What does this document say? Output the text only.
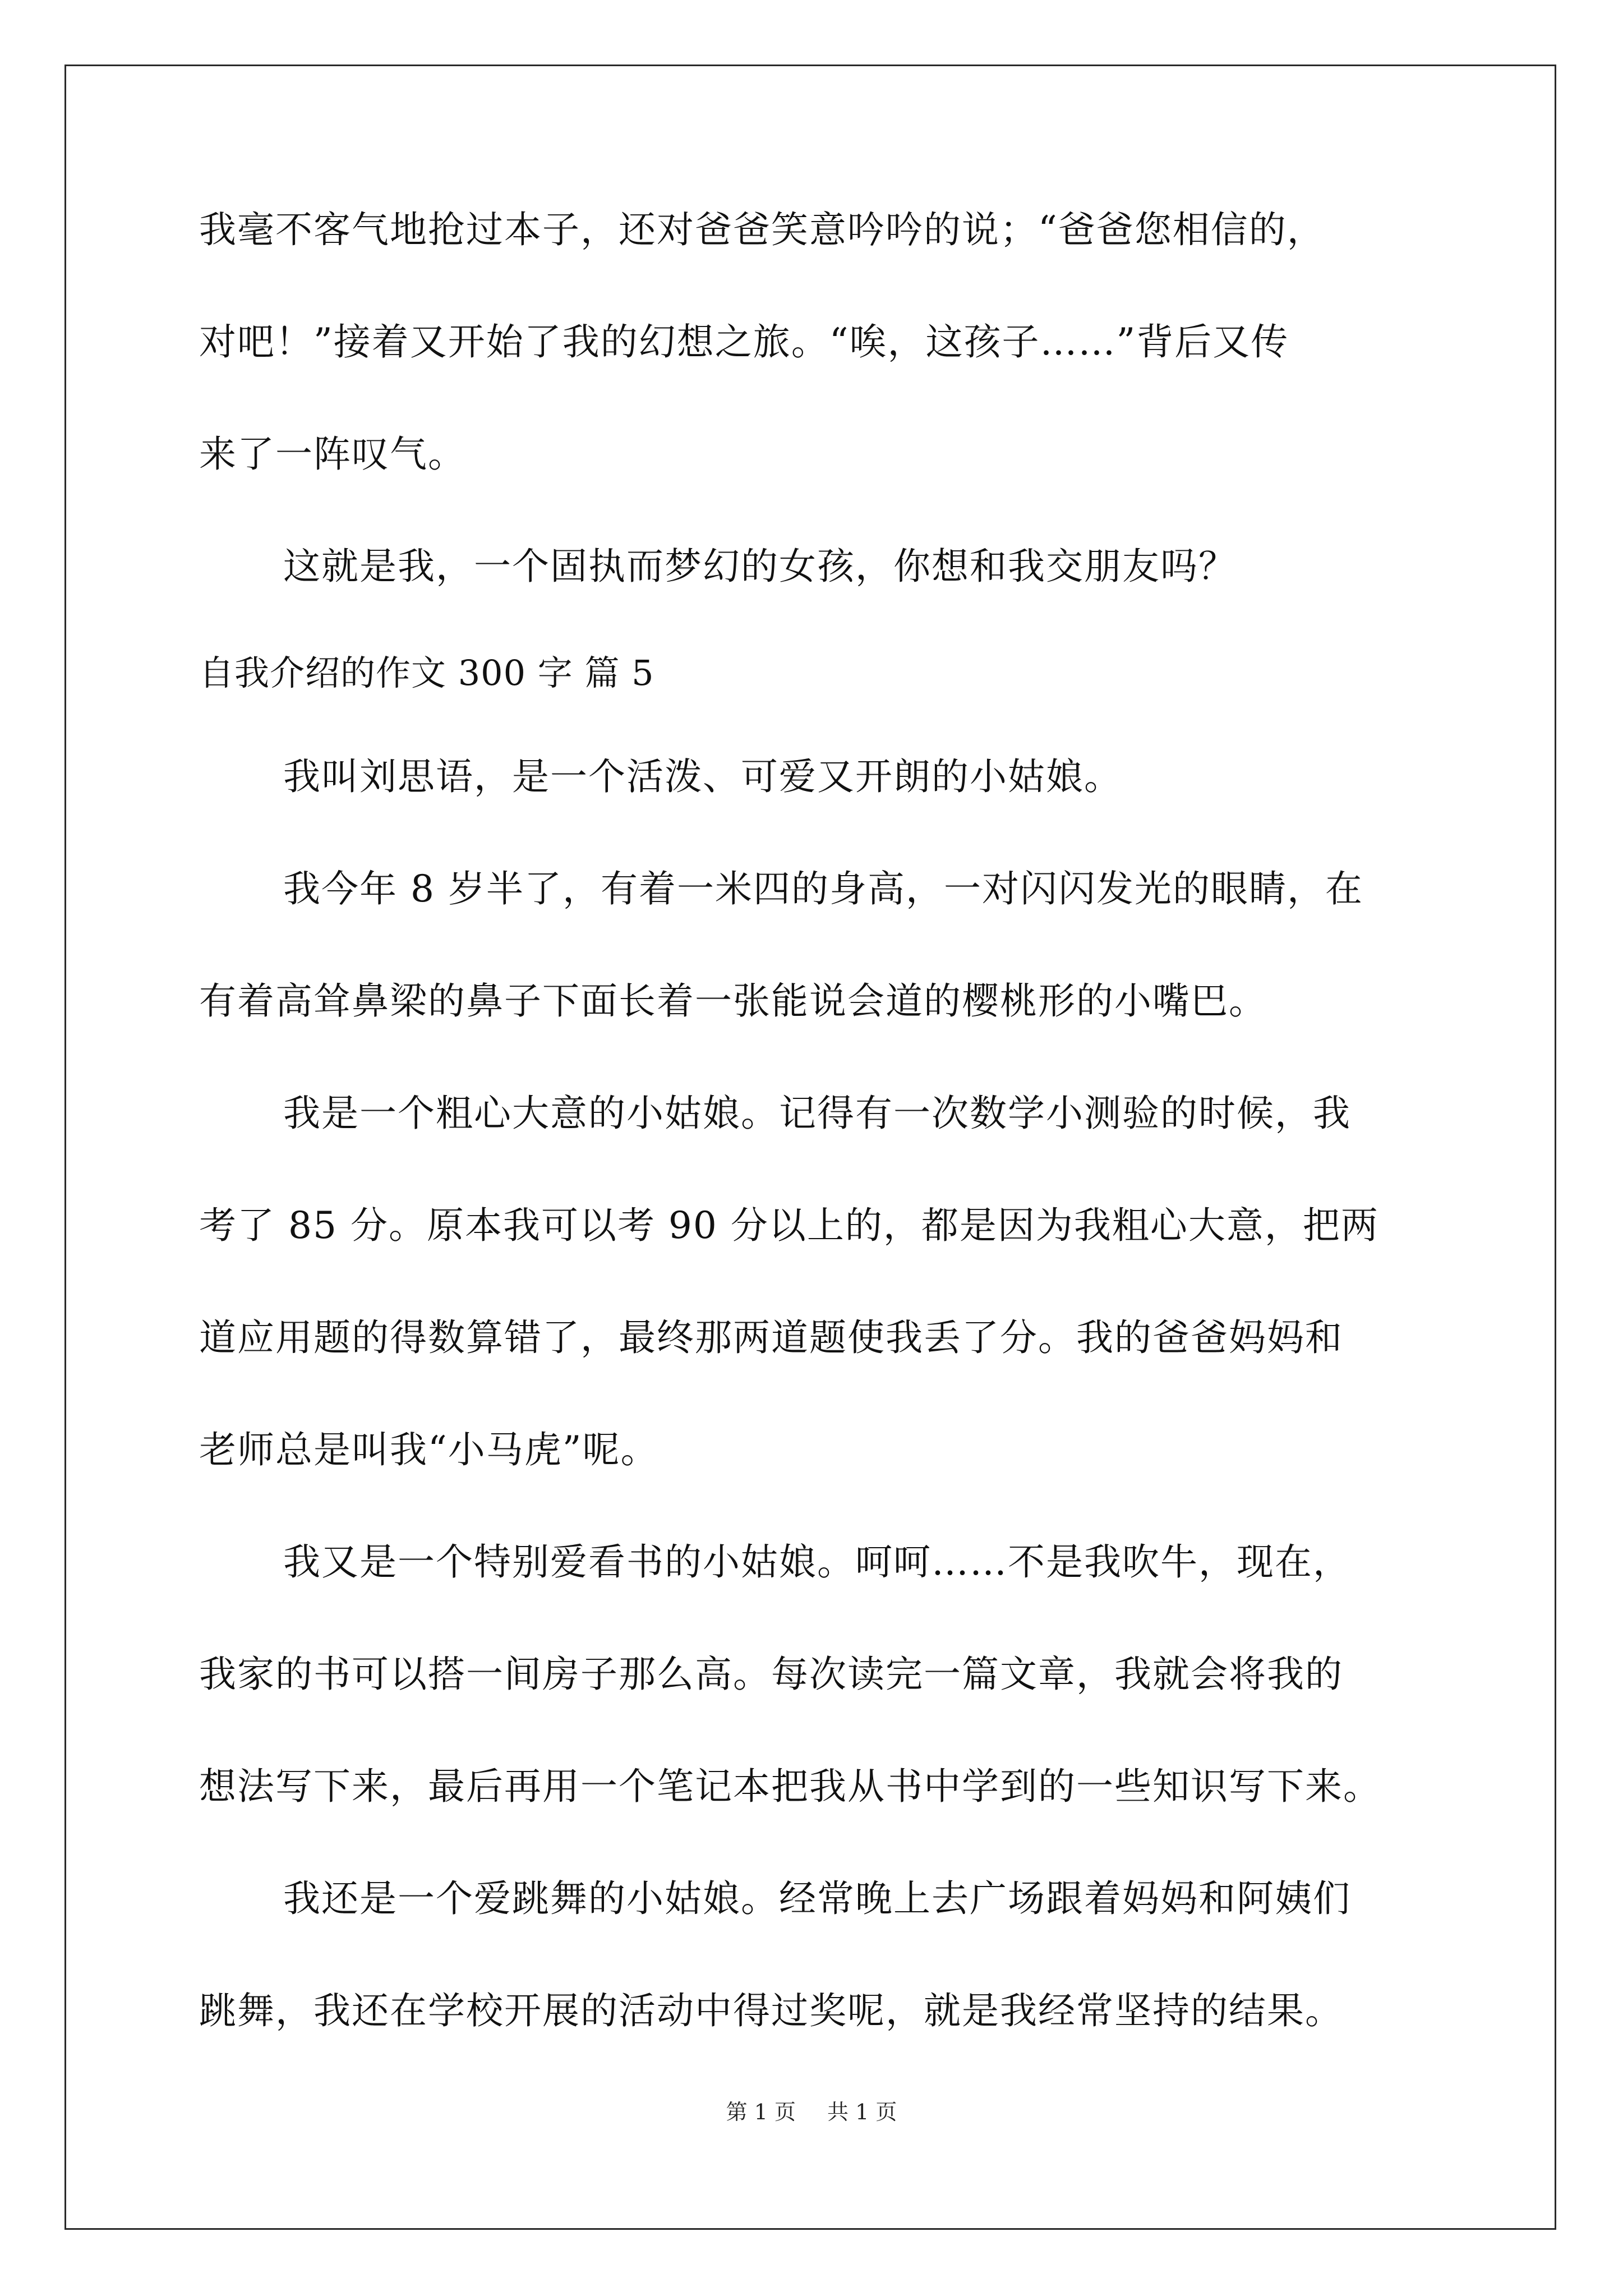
我毫不客气地抢过本子，还对爸爸笑意吟吟的说；“爸爸您相信的，
对吧！”接着又开始了我的幻想之旅。“唉，这孩子……”背后又传
来了一阵叹气。
这就是我，一个固执而梦幻的女孩，你想和我交朋友吗？
自我介绍的作文 300 字 篇 5
我叫刘思语，是一个活泼、可爱又开朗的小姑娘。
我今年 8 岁半了，有着一米四的身高，一对闪闪发光的眼睛，在
有着高耸鼻梁的鼻子下面长着一张能说会道的樱桃形的小嘴巴。
我是一个粗心大意的小姑娘。记得有一次数学小测验的时候，我
考了 85 分。原本我可以考 90 分以上的，都是因为我粗心大意，把两
道应用题的得数算错了，最终那两道题使我丢了分。我的爸爸妈妈和
老师总是叫我“小马虎”呢。
我又是一个特别爱看书的小姑娘。呵呵……不是我吹牛，现在，
我家的书可以搭一间房子那么高。每次读完一篇文章，我就会将我的
想法写下来，最后再用一个笔记本把我从书中学到的一些知识写下来。
我还是一个爱跳舞的小姑娘。经常晚上去广场跟着妈妈和阿姨们
跳舞，我还在学校开展的活动中得过奖呢，就是我经常坚持的结果。
第 1 页 共 1 页
